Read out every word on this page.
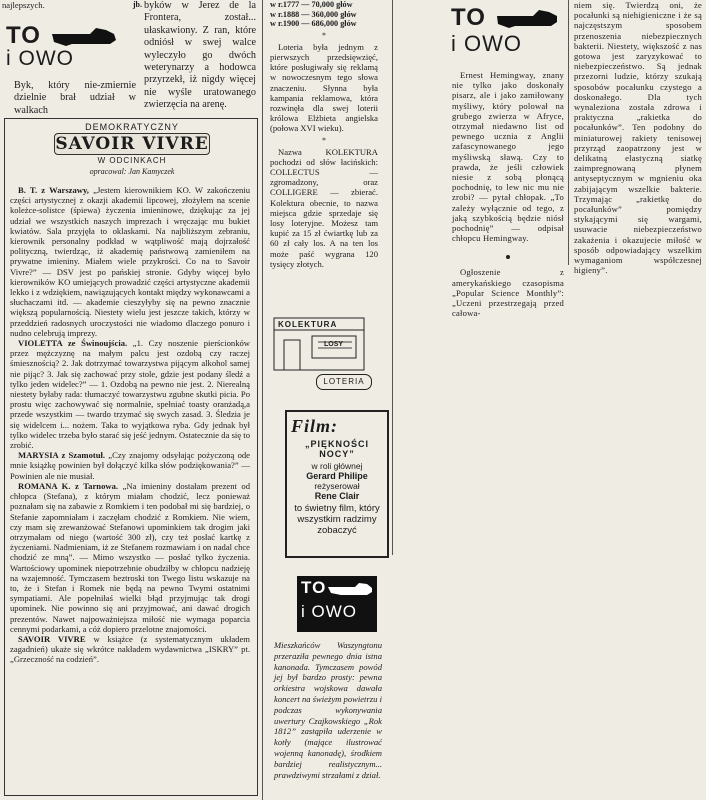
najlepszych.	jb.
TO
i OWO
Byk, który nie-zmiernie dzielnie brał udział w walkach
byków w Jerez de la Frontera, został... ułaskawiony. Z ran, które odniósł w swej walce wyleczyło go dwóch weterynarzy a hodowca przyrzekł, iż nigdy więcej nie wyśle uratowanego zwierzęcia na arenę.
DEMOKRATYCZNY
SAVOIR VIVRE
W ODCINKACH
opracowal: Jan Kamyczek

B. T. z Warszawy, „Jestem kierownikiem KO. W zakończeniu części artystycznej z okazji akademii lipcowej, złożyłem na scenie koleżce-solistce (śpiewa) życzenia imieninowe, dziękując za jej udział we wszystkich naszych imprezach i wręczając mu bukiet kwiatów. Sala przyjęła to oklaskami. Na najbliższym zebraniu, kierownik personalny podkład w wątpliwość mają dojrzałość polityczną, twierdząc, iż akademię państwową zamieniłem na prywatne imieniny. Miałem wiele przykrości. Co na to Savoir Vivre?” — DSV jest po pańskiej stronie. Gdyby więcej było kierowników KO umiejących prowadzić części artystyczne akademii lekko i z wdziękiem, nawiązujących kontakt między wykonawcami a słuchaczami itd. — akademie cieszyłyby się na pewno znacznie większą popularnością. Niestety wielu jest jeszcze takich, którzy w przeddzień radosnych uroczystości nie wiadomo dlaczego ponuro i nudno celebrują imprezy.

VIOLETTA ze Świnoujścia. „1. Czy noszenie pierścionków przez mężczyznę na małym palcu jest ozdobą czy raczej śmiesznością? 2. Jak dotrzymać towarzystwa pijącym alkohol samej nie pijąc? 3. Jak się zachować przy stole, gdzie jest podany śledź a tylko jeden widelec?” — 1. Ozdobą na pewno nie jest. 2. Nierealną niestety byłaby rada: tłumaczyć towarzystwu zgubne skutki picia. Po prostu więc zachowywać się normalnie, spełniać toasty oranżadą,a przede wszystkim — twardo trzymać się swych zasad. 3. Śledzia je się widelcem i... nożem. Taka to wyjątkowa ryba. Gdy jednak był tylko widelec trzeba było starać się jeść jednym. Ostatecznie da się to zrobić.

MARYSIA z Szamotuł. „Czy znajomy odsyłając pożyczoną ode mnie książkę powinien był dołączyć kilka słów podziękowania?” — Powinien ale nie musiał.

ROMANA K. z Tarnowa. „Na imieniny dostałam prezent od chłopca (Stefana), z którym miałam chodzić, lecz ponieważ poznałam się na zabawie z Romkiem i ten podobał mi się bardziej, o Stefanie zapomniałam i zaczęłam chodzić z Romkiem. Nie wiem, czy mam się zrewanżować Stefanowi upominkiem tak drogim jaki otrzymałam od niego (wartość 300 zł), czy też posłać kartkę z życzeniami. Nadmieniam, iż ze Stefanem rozmawiam i on nadal chce chodzić ze mną”. — Mimo wszystko — posłać tylko życzenia. Wartościowy upominek niepotrzebnie obudziłby w chłopcu nadzieję na wzajemność. Tymczasem beztroski ton Twego listu wskazuje na to, że i Stefan i Romek nie będą na pewno Twymi ostatnimi sympatiami. Ale popełniłaś wielki błąd przyjmując tak drogi upominek. Nie powinno się ani przyjmować, ani dawać drogich prezentów. Nawet najpoważniejsza miłość nie wymaga poparcia cennymi podarkami, a cóż dopiero przelotne znajomości.

SAVOIR VIVRE w książce (z systematycznym układem zagadnień) ukaże się wkrótce nakładem wydawnictwa „ISKRY” pt. „Grzeczność na codzień”.

w r.1777 — 70,000 głów
w r.1888 — 360,000 głów
w r.1900 — 686,000 głów
*

Loteria była jednym z pierwszych przedsięwzięć, które posługiwały się reklamą w nowoczesnym tego słowa znaczeniu. Słynna była kampania reklamowa, która rozwinęła dla swej loterii królowa Elżbieta angielska (połowa XVI wieku).

*

Nazwa KOLEKTURA pochodzi od słów łacińskich: COLLECTUS — zgromadzony, oraz COLLIGERE — zbierać. Kolektura obecnie, to nazwa miejsca gdzie sprzedaje się losy loteryjne. Możesz tam kupić za 15 zł ćwiartkę lub za 60 zł cały los. A na ten los może paść wygrana 120 tysięcy złotych.

KOLEKTURA
LOSY
LOTERIA
Film:
„PIĘKNOŚCI NOCY”
w roli głównej
Gerard Philipe
reżyserował
Rene Clair
to świetny film, który wszystkim radzimy zobaczyć
TO
i OWO
Mieszkańców Waszyngtonu przeraziła pewnego dnia istna kanonada. Tymczasem powód jej był bardzo prosty: pewna orkiestra wojskowa dawała koncert na świeżym powietrzu i podczas wykonywania uwertury Czajkowskiego „Rok 1812” zastąpiła uderzenie w kotły (mające ilustrować wojenną kanonadę), środkiem bardziej realistycznym... prawdziwymi strzałami z dział.
TO
i OWO

Ernest Hemingway, znany nie tylko jako doskonały pisarz, ale i jako zamiłowany myśliwy, który polował na grubego zwierza w Afryce, otrzymał niedawno list od pewnego ucznia z Anglii zafascynowanego jego myśliwską sławą. Czy to prawda, że jeśli człowiek niesie z sobą płonącą pochodnię, to lew nic mu nie zrobi? — pytał chłopak. „To zależy wyłącznie od tego, z jaką szybkością będzie niósł pochodnię” — odpisał chłopcu Hemingway.

Ogłoszenie z amerykańskiego czasopisma „Popular Science Monthly”: „Uczeni przestrzegają przed całowa-

niem się. Twierdzą oni, że pocałunki są niehigieniczne i że są najczęstszym sposobem przenoszenia niebezpiecznych bakterii. Niestety, większość z nas gotowa jest zaryzykować to niebezpieczeństwo. Są jednak przezorni ludzie, którzy szukają sposobów pocałunku czystego a doskonałego. Dla tych wynaleziona została zdrowa i praktyczna „rakietka do pocałunków”. Ten podobny do miniaturowej rakiety tenisowej przyrząd zaopatrzony jest w delikatną elastyczną siatkę zaimpregnowaną płynem antyseptycznym w mgnieniu oka zabijającym wszelkie bakterie. Trzymając „rakietkę do pocałunków” pomiędzy stykającymi się wargami, usuwacie niebezpieczeństwo zakażenia i okazujecie miłość w sposób odpowiadający wszelkim wymaganiom współczesnej higieny”.
